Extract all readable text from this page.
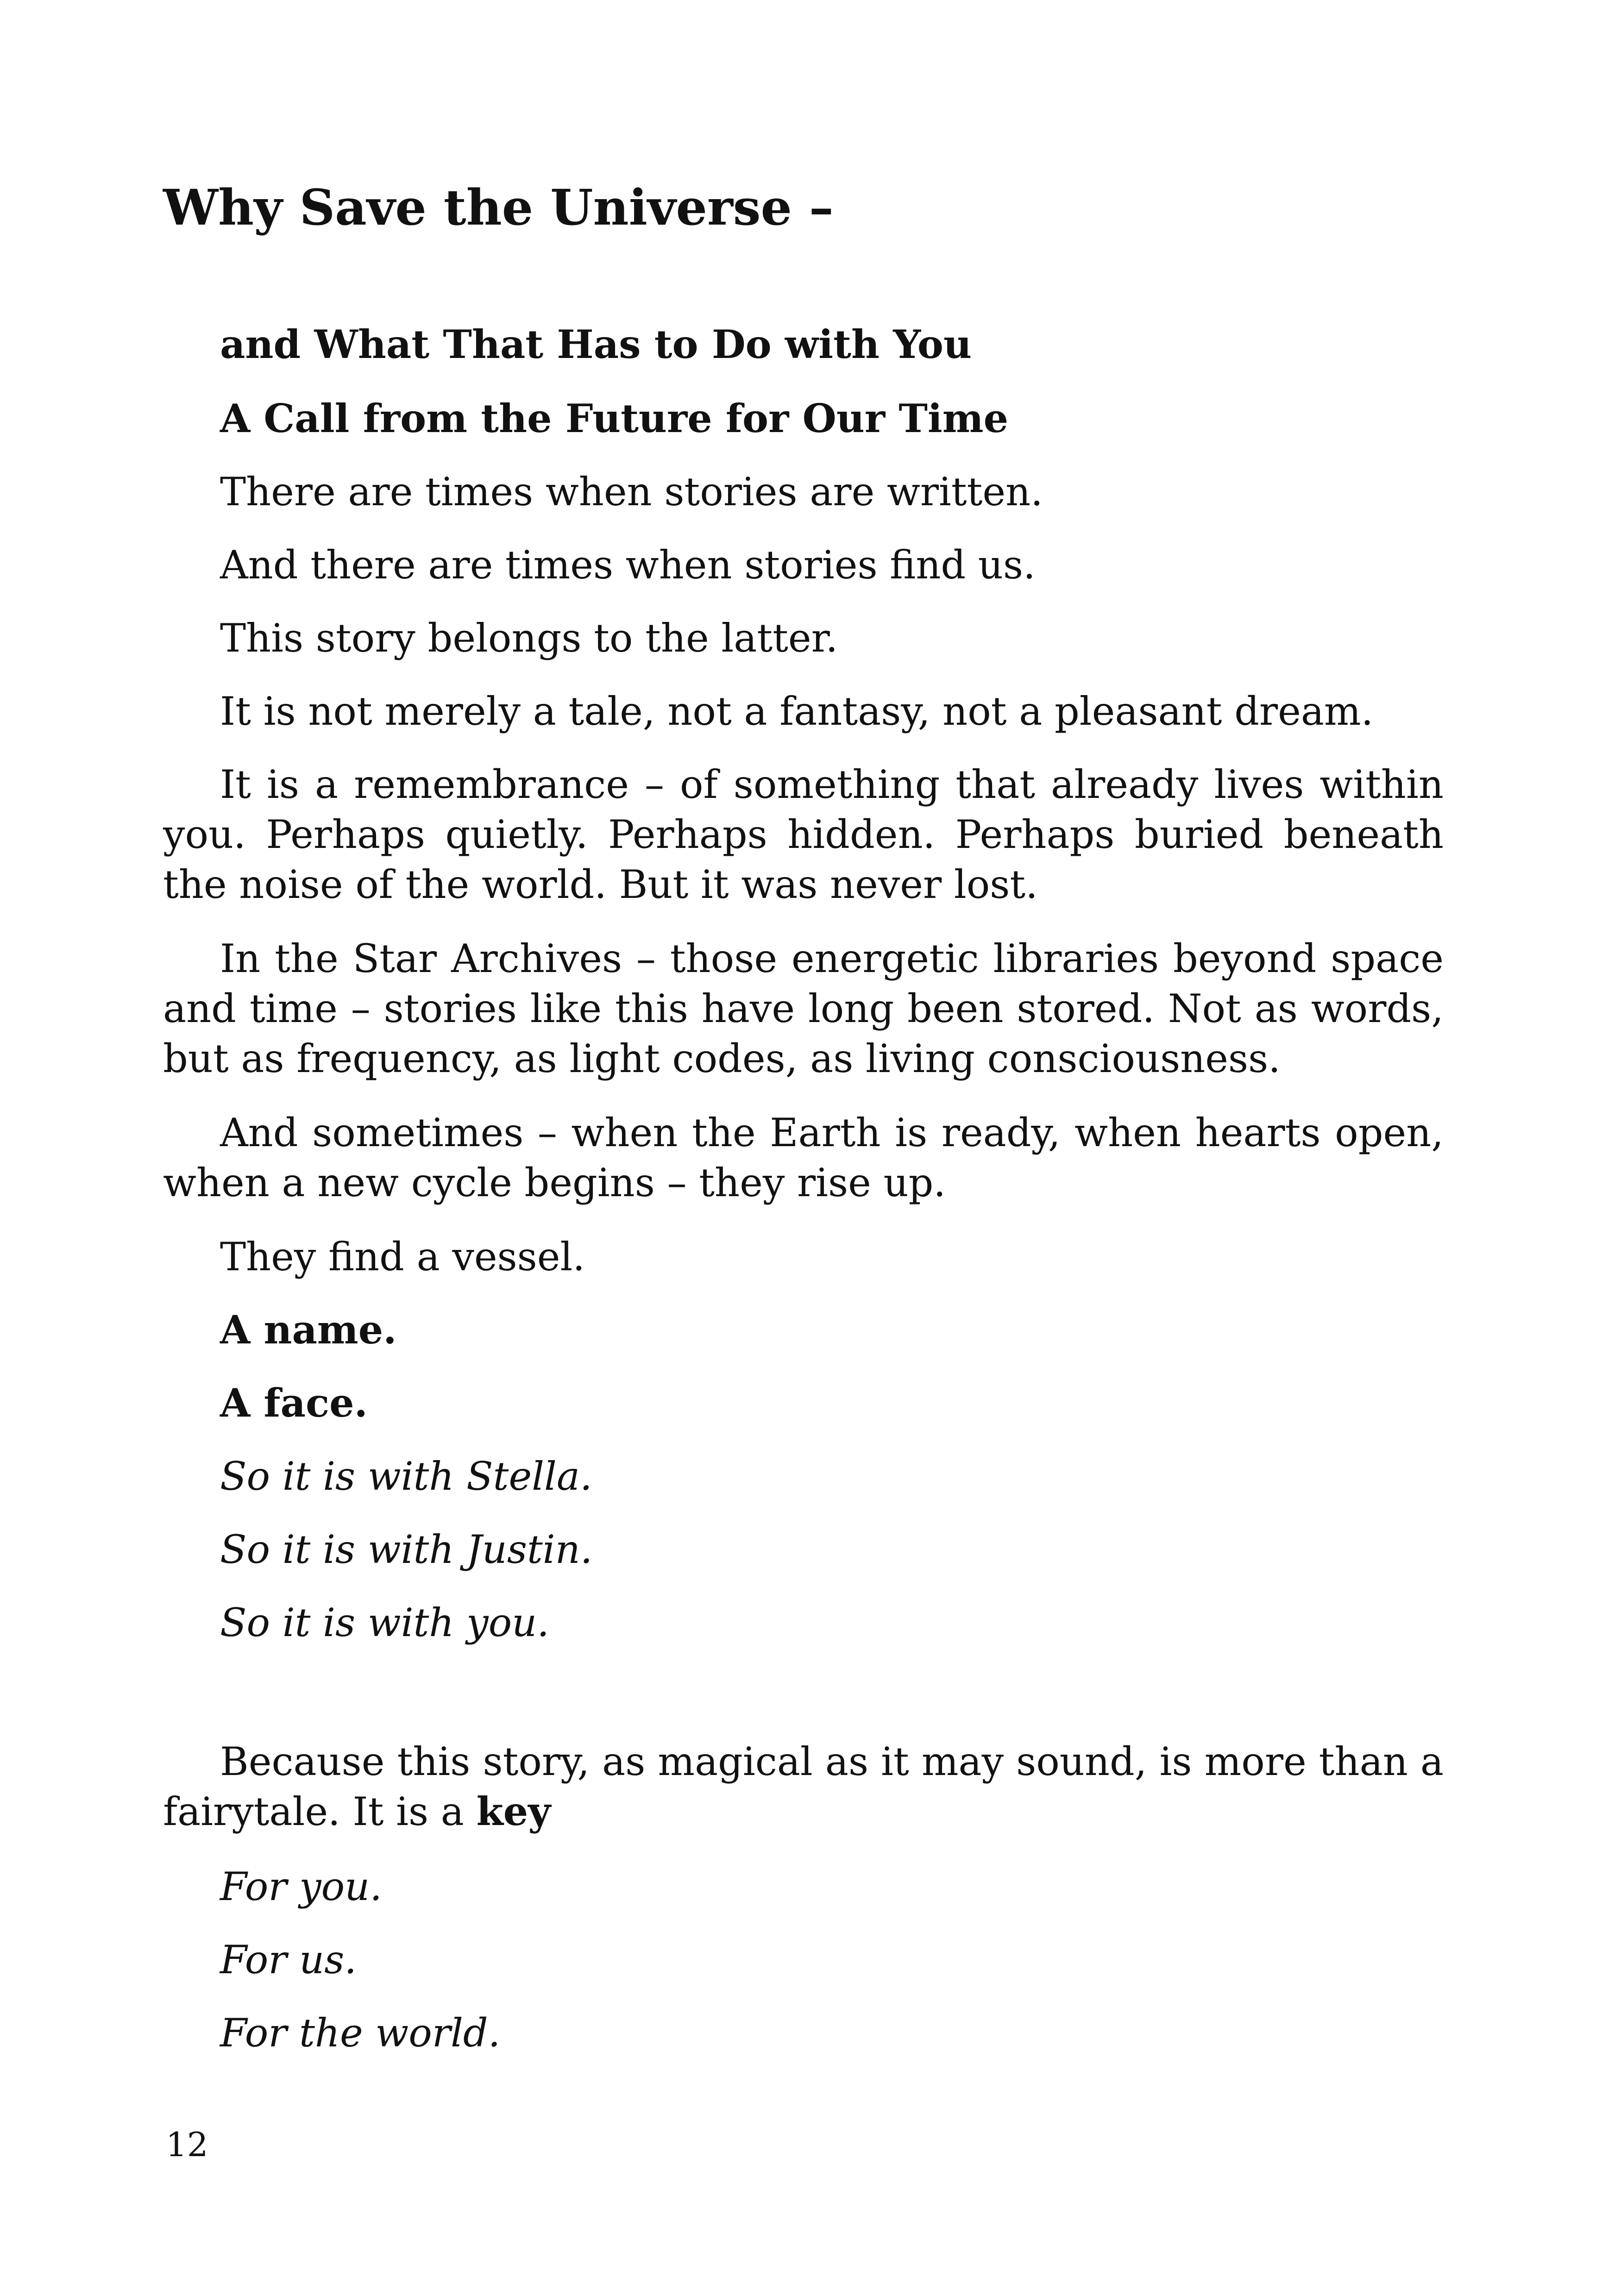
Why Save the Universe –

and What That Has to Do with You

A Call from the Future for Our Time

There are times when stories are written.

And there are times when stories find us.

This story belongs to the latter.

It is not merely a tale, not a fantasy, not a pleasant dream.

It is a remembrance – of something that already lives within you. Perhaps quietly. Perhaps hidden. Perhaps buried beneath the noise of the world. But it was never lost.

In the Star Archives – those energetic libraries beyond space and time – stories like this have long been stored. Not as words, but as frequency, as light codes, as living consciousness.

And sometimes – when the Earth is ready, when hearts open, when a new cycle begins – they rise up.

They find a vessel.

A name.

A face.

So it is with Stella.

So it is with Justin.

So it is with you.

Because this story, as magical as it may sound, is more than a fairytale. It is a key

For you.

For us.

For the world.

12
